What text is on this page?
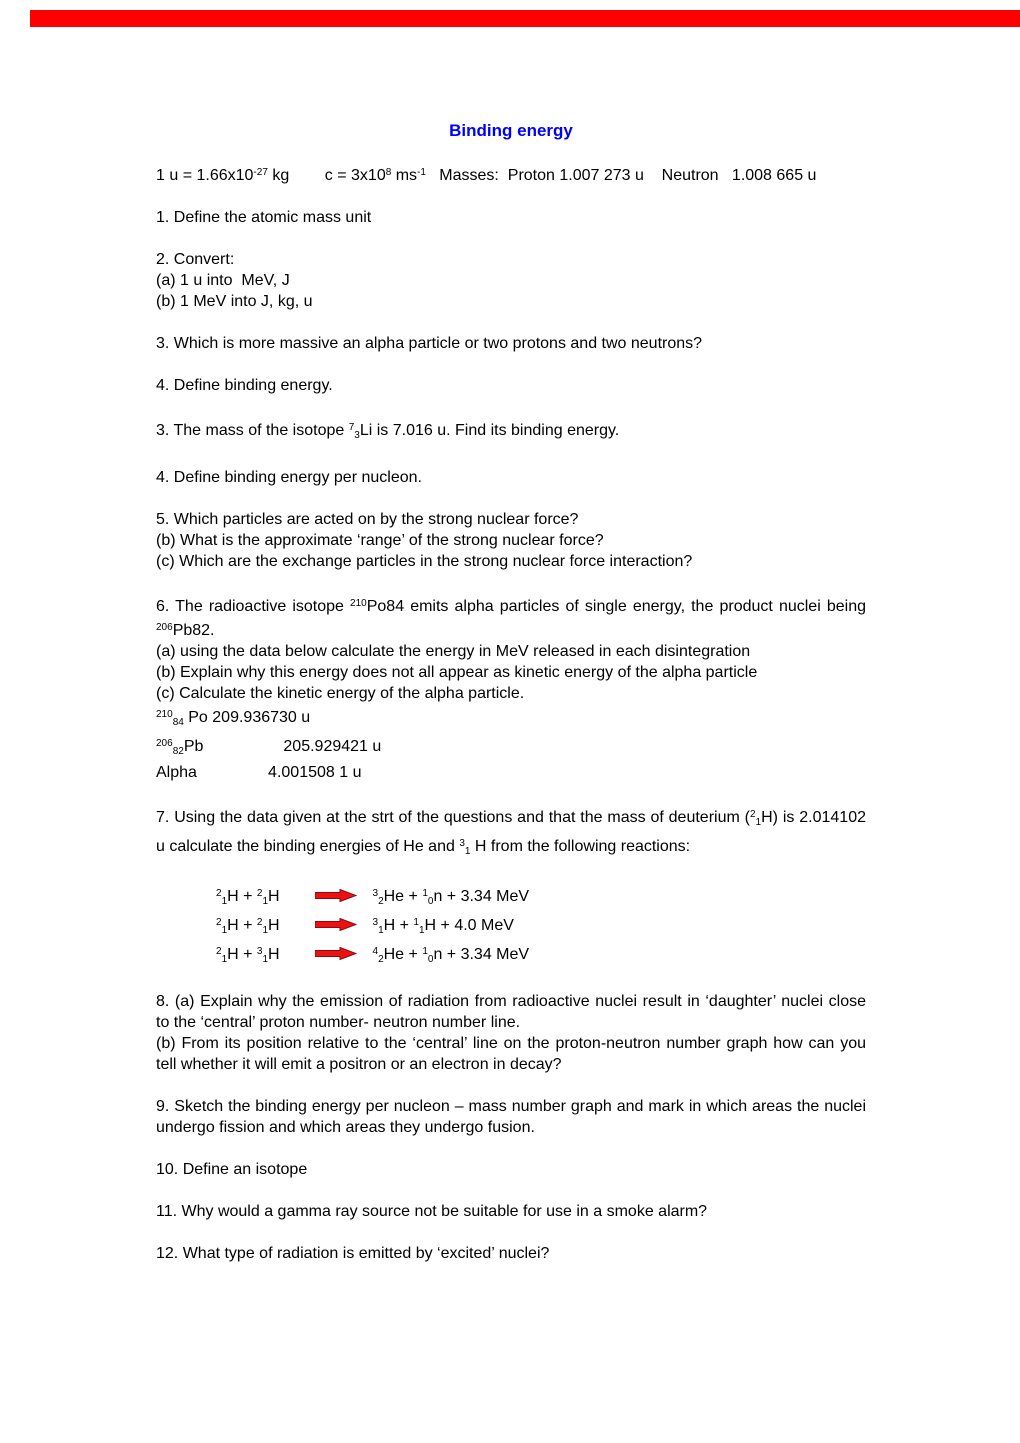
Binding energy
1 $u = 1.66x10^{-27}$ kg        $c = 3x10^8$ $ms^{-1}$   Masses:  Proton 1.007 273 u    Neutron   1.008 665 u
1. Define the atomic mass unit
2. Convert:
(a) 1 u into  MeV, J
(b) 1 MeV into J, kg, u
3. Which is more massive an alpha particle or two protons and two neutrons?
4. Define binding energy.
3. The mass of the isotope $^7$3Li is 7.016 u. Find its binding energy.
4. Define binding energy per nucleon.
5. Which particles are acted on by the strong nuclear force?
(b) What is the approximate ‘range’ of the strong nuclear force?
(c) Which are the exchange particles in the strong nuclear force interaction?
6. The radioactive isotope $^{210}$Po84 emits alpha particles of single energy, the product nuclei being $^{206}$Pb82.
(a) using the data below calculate the energy in MeV released in each disintegration
(b) Explain why this energy does not all appear as kinetic energy of the alpha particle
(c) Calculate the kinetic energy of the alpha particle.
$^{210}$84 Po 209.936730 u
$^{206}$82Pb                  205.929421 u
Alpha                4.001508 1 u
7. Using the data given at the strt of the questions and that the mass of deuterium ($^2$1H) is 2.014102 u calculate the binding energies of He and $^3$1 H from the following reactions:
$^2$1H + $^2$1H
	$^3$2He + $^1$0n + 3.34 MeV
$^2$1H + $^2$1H
	$^3$1H + $^1$1H + 4.0 MeV
$^2$1H + $^3$1H
	$^4$2He + $^1$0n + 3.34 MeV
8. (a) Explain why the emission of radiation from radioactive nuclei result in ‘daughter’ nuclei close to the ‘central’ proton number- neutron number line.
(b) From its position relative to the ‘central’ line on the proton-neutron number graph how can you tell whether it will emit a positron or an electron in decay?
9. Sketch the binding energy per nucleon – mass number graph and mark in which areas the nuclei undergo fission and which areas they undergo fusion.
10. Define an isotope
11. Why would a gamma ray source not be suitable for use in a smoke alarm?
12. What type of radiation is emitted by ‘excited’ nuclei?
